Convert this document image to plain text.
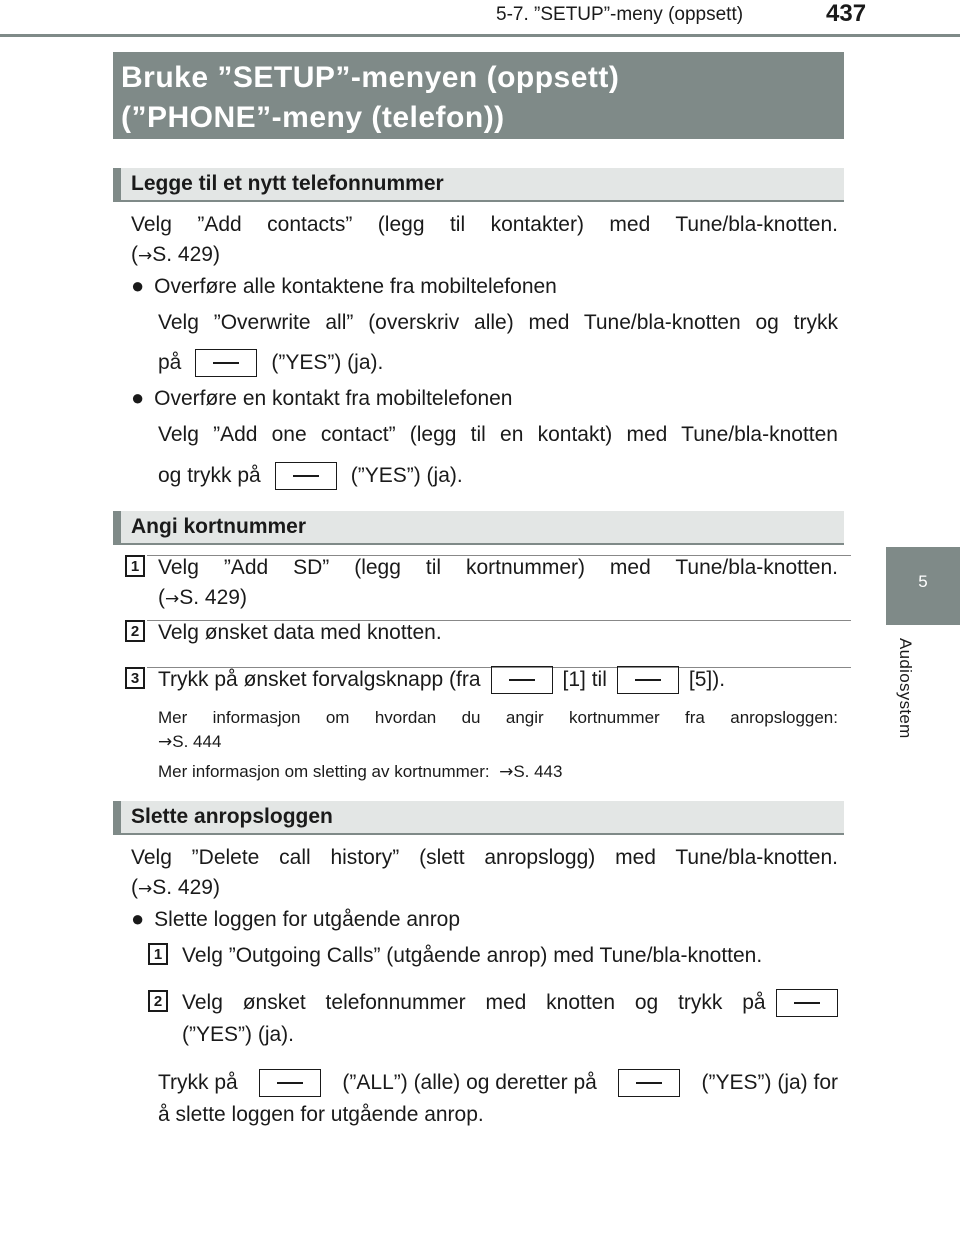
5-7. ”SETUP”-meny (oppsett)	437
5
Audiosystem
Bruke ”SETUP”-menyen (oppsett)
(”PHONE”-meny (telefon))
Legge til et nytt telefonnummer
Velg ”Add contacts” (legg til kontakter) med Tune/bla-knotten.
(→S. 429)
● Overføre alle kontaktene fra mobiltelefonen
Velg ”Overwrite all” (overskriv alle) med Tune/bla-knotten og trykk
på	(”YES”) (ja).
● Overføre en kontakt fra mobiltelefonen
Velg ”Add one contact” (legg til en kontakt) med Tune/bla-knotten
og trykk på	(”YES”) (ja).
Angi kortnummer
1 Velg ”Add SD” (legg til kortnummer) med Tune/bla-knotten.
(→S. 429)
2 Velg ønsket data med knotten.
3 Trykk på ønsket forvalgsknapp (fra	[1] til	[5]).
Mer informasjon om hvordan du angir kortnummer fra anropsloggen:
→S. 444
Mer informasjon om sletting av kortnummer: →S. 443
Slette anropsloggen
Velg ”Delete call history” (slett anropslogg) med Tune/bla-knotten.
(→S. 429)
● Slette loggen for utgående anrop
1 Velg ”Outgoing Calls” (utgående anrop) med Tune/bla-knotten.
2 Velg ønsket telefonnummer med knotten og trykk på
(”YES”) (ja).
Trykk på	(”ALL”) (alle) og deretter på	(”YES”) (ja) for
å slette loggen for utgående anrop.
